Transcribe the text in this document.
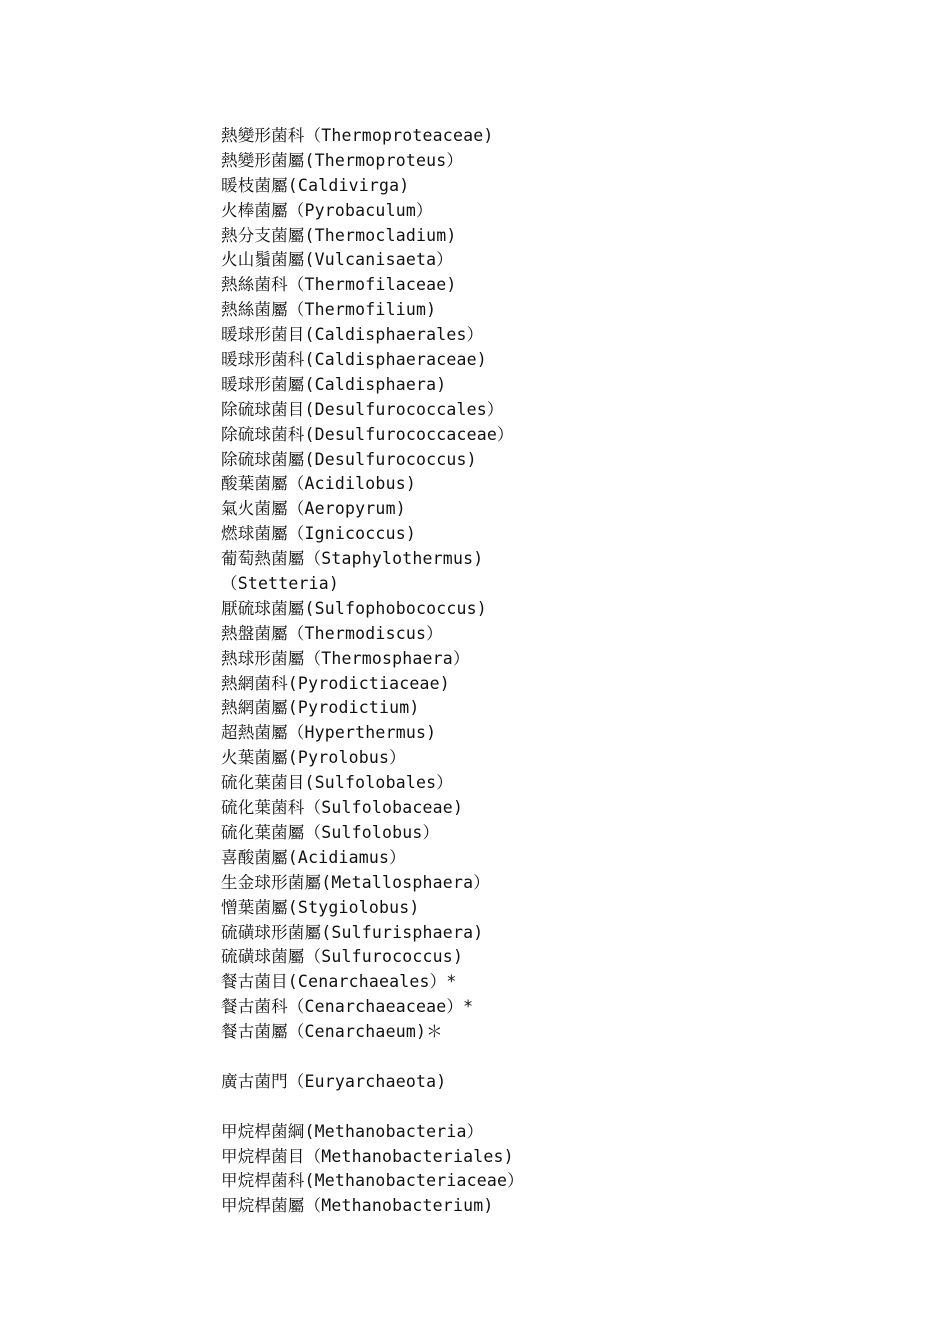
熱變形菌科（Thermoproteaceae)
熱變形菌屬(Thermoproteus）
暖枝菌屬(Caldivirga)
火棒菌屬（Pyrobaculum）
熱分支菌屬(Thermocladium)
火山鬚菌屬(Vulcanisaeta）
熱絲菌科（Thermofilaceae)
熱絲菌屬（Thermofilium)
暖球形菌目(Caldisphaerales）
暖球形菌科(Caldisphaeraceae)
暖球形菌屬(Caldisphaera)
除硫球菌目(Desulfurococcales）
除硫球菌科(Desulfurococcaceae）
除硫球菌屬(Desulfurococcus)
酸葉菌屬（Acidilobus)
氣火菌屬（Aeropyrum)
燃球菌屬（Ignicoccus)
葡萄熱菌屬（Staphylothermus)
（Stetteria)
厭硫球菌屬(Sulfophobococcus)
熱盤菌屬（Thermodiscus）
熱球形菌屬（Thermosphaera）
熱網菌科(Pyrodictiaceae)
熱網菌屬(Pyrodictium)
超熱菌屬（Hyperthermus)
火葉菌屬(Pyrolobus）
硫化葉菌目(Sulfolobales）
硫化葉菌科（Sulfolobaceae)
硫化葉菌屬（Sulfolobus）
喜酸菌屬(Acidiamus）
生金球形菌屬(Metallosphaera）
憎葉菌屬(Stygiolobus)
硫磺球形菌屬(Sulfurisphaera)
硫磺球菌屬（Sulfurococcus)
餐古菌目(Cenarchaeales）*
餐古菌科（Cenarchaeaceae）*
餐古菌屬（Cenarchaeum)＊
廣古菌門（Euryarchaeota)
甲烷桿菌綱(Methanobacteria）
甲烷桿菌目（Methanobacteriales)
甲烷桿菌科(Methanobacteriaceae）
甲烷桿菌屬（Methanobacterium)
